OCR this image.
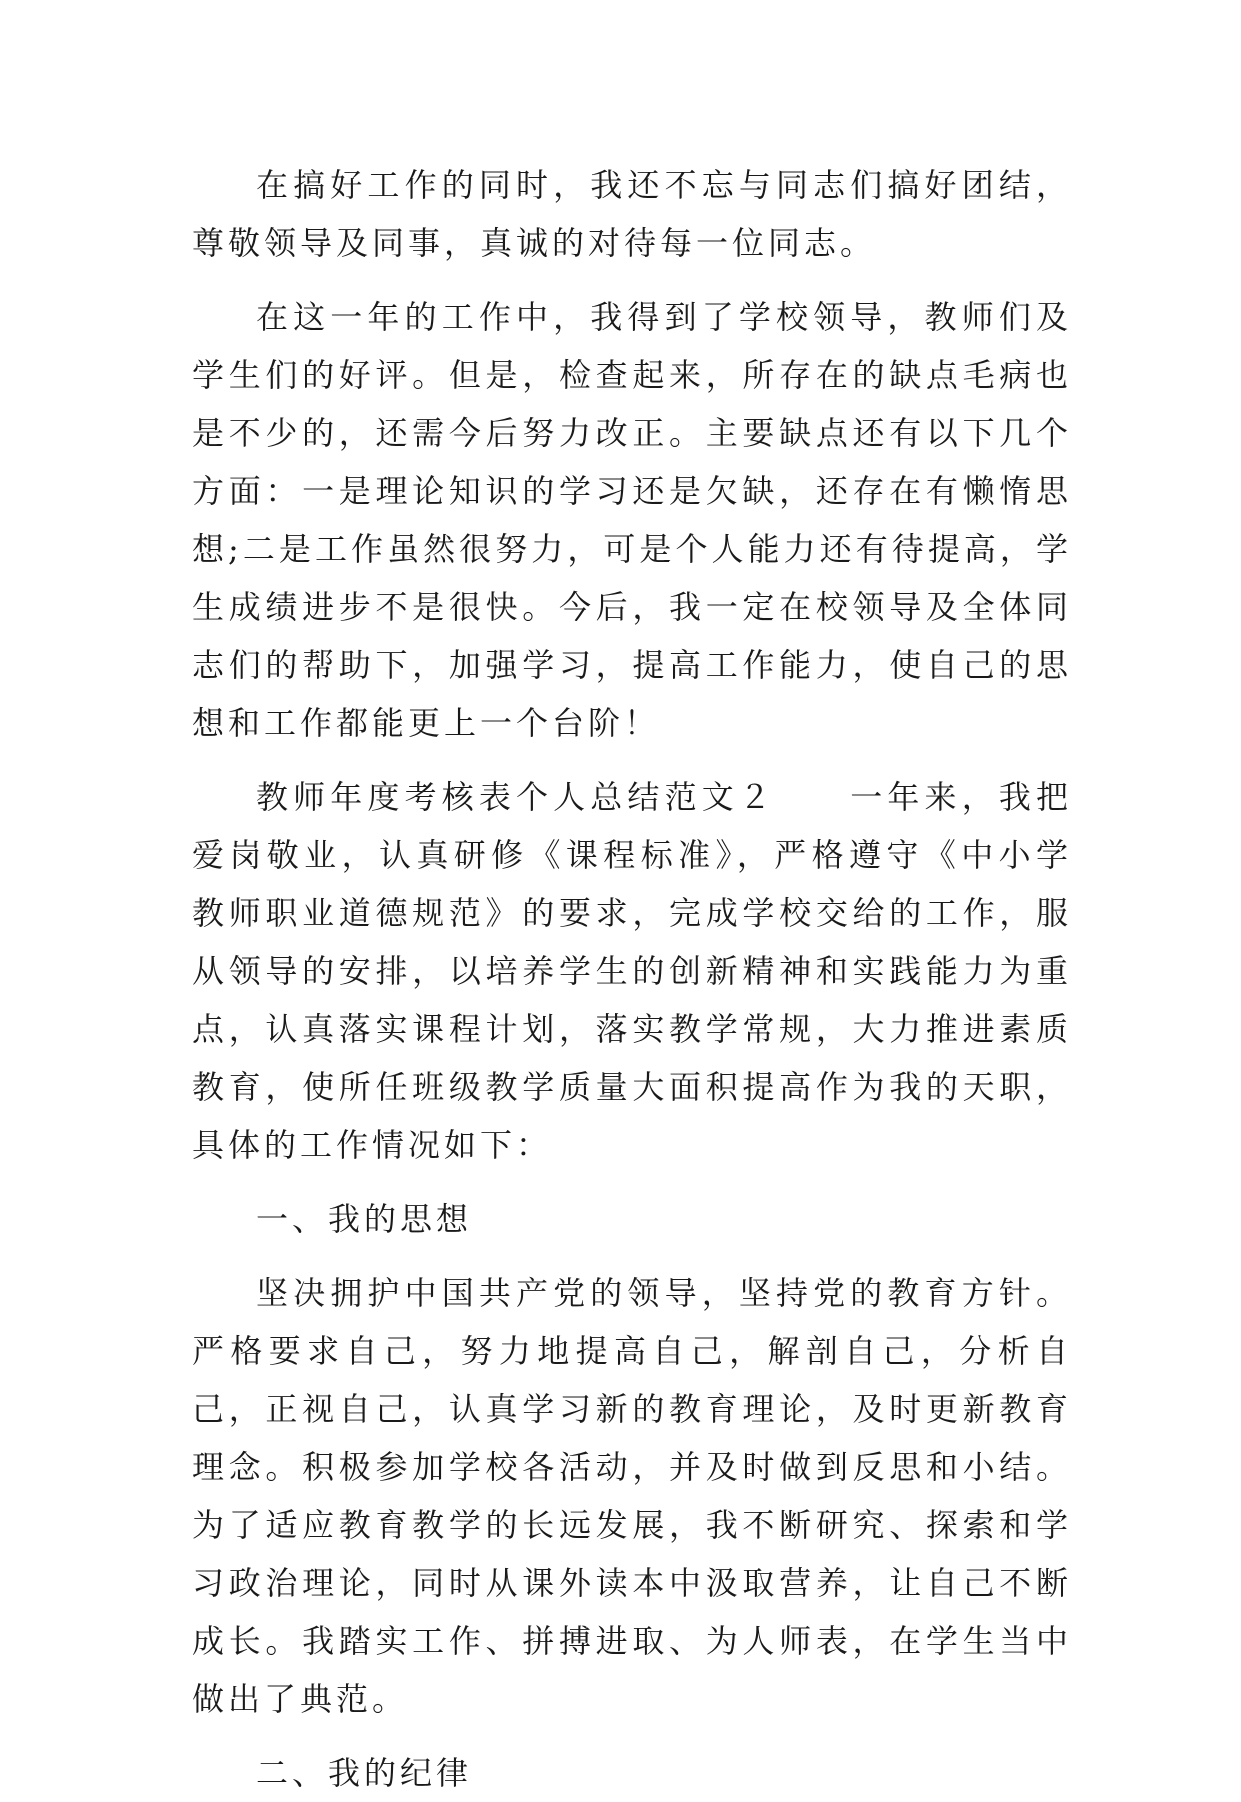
在搞好工作的同时，我还不忘与同志们搞好团结，尊敬领导及同事，真诚的对待每一位同志。

在这一年的工作中，我得到了学校领导，教师们及学生们的好评。但是，检查起来，所存在的缺点毛病也是不少的，还需今后努力改正。主要缺点还有以下几个方面：一是理论知识的学习还是欠缺，还存在有懒惰思想;二是工作虽然很努力，可是个人能力还有待提高，学生成绩进步不是很快。今后，我一定在校领导及全体同志们的帮助下，加强学习，提高工作能力，使自己的思想和工作都能更上一个台阶！

教师年度考核表个人总结范文２　　一年来，我把爱岗敬业，认真研修《课程标准》，严格遵守《中小学教师职业道德规范》的要求，完成学校交给的工作，服从领导的安排，以培养学生的创新精神和实践能力为重点，认真落实课程计划，落实教学常规，大力推进素质教育，使所任班级教学质量大面积提高作为我的天职，具体的工作情况如下：

一、我的思想

坚决拥护中国共产党的领导，坚持党的教育方针。严格要求自己，努力地提高自己，解剖自己，分析自己，正视自己，认真学习新的教育理论，及时更新教育理念。积极参加学校各活动，并及时做到反思和小结。为了适应教育教学的长远发展，我不断研究、探索和学习政治理论，同时从课外读本中汲取营养，让自己不断成长。我踏实工作、拼搏进取、为人师表，在学生当中做出了典范。

二、我的纪律
